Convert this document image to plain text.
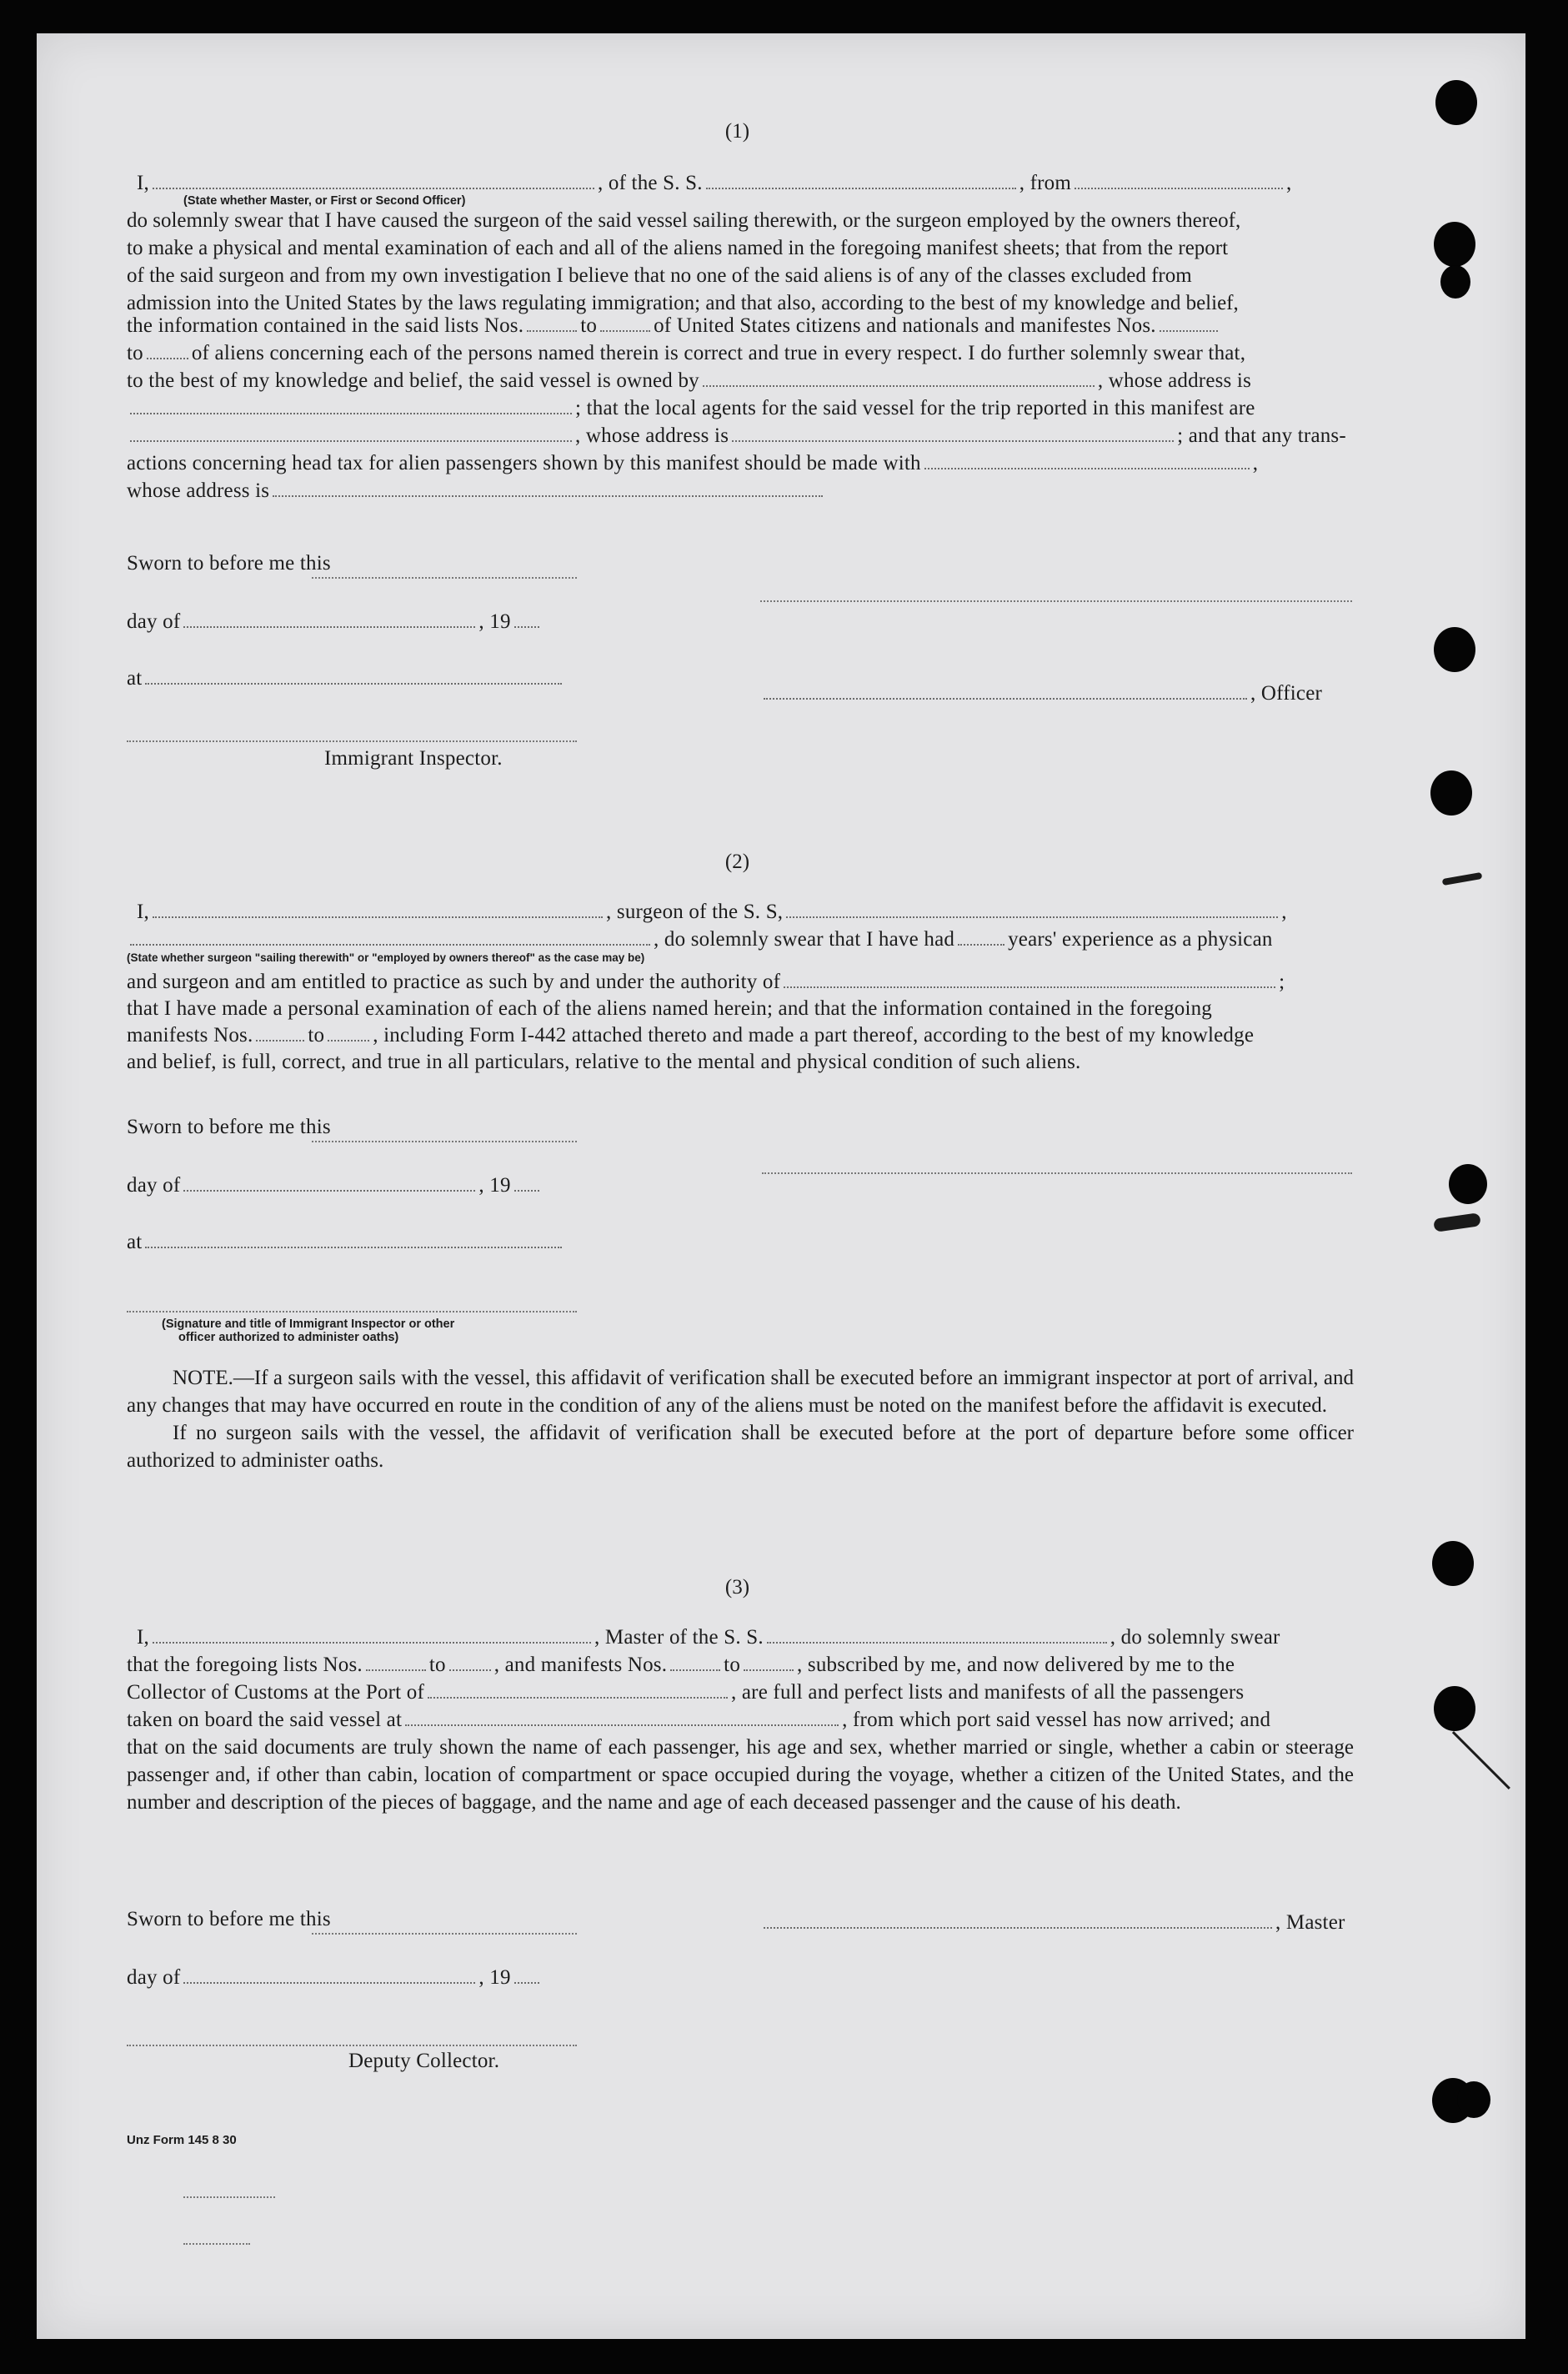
(1)
I,	, of the S. S.	, from	,
(State whether Master, or First or Second Officer)

do solemnly swear that I have caused the surgeon of the said vessel sailing therewith, or the surgeon employed by the owners thereof,

to make a physical and mental examination of each and all of the aliens named in the foregoing manifest sheets; that from the report

of the said surgeon and from my own investigation I believe that no one of the said aliens is of any of the classes excluded from

admission into the United States by the laws regulating immigration; and that also, according to the best of my knowledge and belief,

the information contained in the said lists Nos.	to	of United States citizens and nationals and manifestes Nos.
to of aliens concerning each of the persons named therein is correct and true in every respect. I do further solemnly swear that,
to the best of my knowledge and belief, the said vessel is owned by	, whose address is
; that the local agents for the said vessel for the trip reported in this manifest are
, whose address is	; and that any trans-
actions concerning head tax for alien passengers shown by this manifest should be made with	,
whose address is
Sworn to before me this
day of	, 19
at
, Officer
Immigrant Inspector.
(2)
I,	, surgeon of the S. S,	,
, do solemnly swear that I have had	years' experience as a physican
(State whether surgeon "sailing therewith" or "employed by owners thereof" as the case may be)
and surgeon and am entitled to practice as such by and under the authority of	;
that I have made a personal examination of each of the aliens named herein; and that the information contained in the foregoing
manifests Nos.	to , including Form I-442 attached thereto and made a part thereof, according to the best of my knowledge
and belief, is full, correct, and true in all particulars, relative to the mental and physical condition of such aliens.
Sworn to before me this
day of	, 19
at
(Signature and title of Immigrant Inspector or other
officer authorized to administer oaths)

NOTE.—If a surgeon sails with the vessel, this affidavit of verification shall be executed before an immigrant inspector at port of arrival, and any changes that may have occurred en route in the condition of any of the aliens must be noted on the manifest before the affidavit is executed.

If no surgeon sails with the vessel, the affidavit of verification shall be executed before at the port of departure before some officer authorized to administer oaths.

(3)
I,	, Master of the S. S.	, do solemnly swear
that the foregoing lists Nos.	to , and manifests Nos.	to	, subscribed by me, and now delivered by me to the
Collector of Customs at the Port of	, are full and perfect lists and manifests of all the passengers
taken on board the said vessel at	, from which port said vessel has now arrived; and

that on the said documents are truly shown the name of each passenger, his age and sex, whether married or single, whether a cabin or steerage passenger and, if other than cabin, location of compartment or space occupied during the voyage, whether a citizen of the United States, and the number and description of the pieces of baggage, and the name and age of each deceased passenger and the cause of his death.

Sworn to before me this	, Master
day of	, 19
Deputy Collector.
Unz Form 145 8 30
